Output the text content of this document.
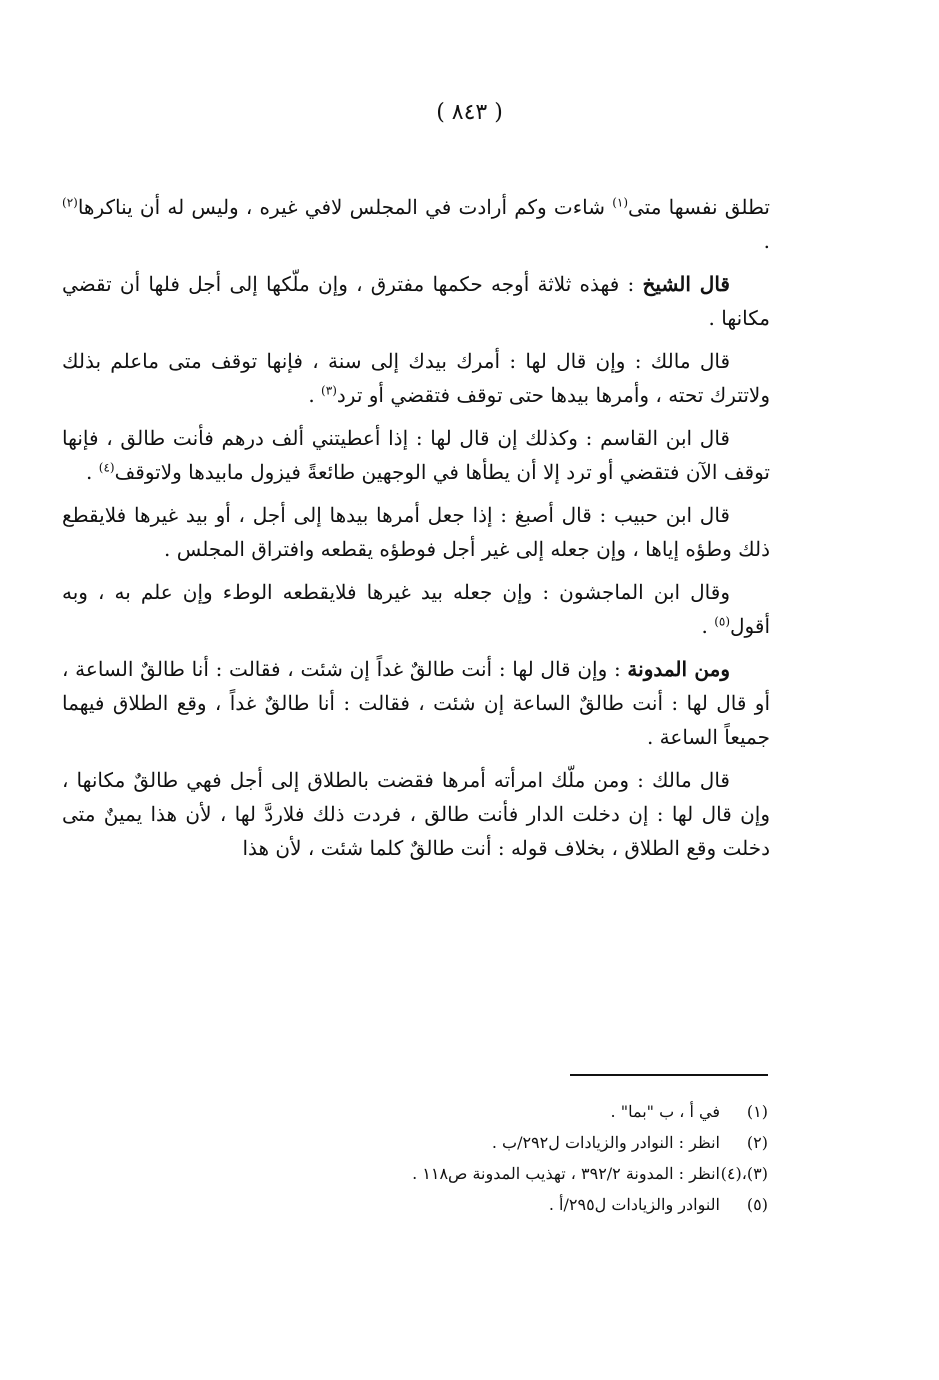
( ٨٤٣ )

تطلق نفسها متى$^{(١)}$ شاءت وكم أرادت في المجلس لافي غيره ، وليس له أن يناكرها$^{(٢)}$ .

قال الشيخ : فهذه ثلاثة أوجه حكمها مفترق ، وإن ملّكها إلى أجل فلها أن تقضي مكانها .

قال مالك : وإن قال لها : أمرك بيدك إلى سنة ، فإنها توقف متى ماعلم بذلك ولاتترك تحته ، وأمرها بيدها حتى توقف فتقضي أو ترد$^{(٣)}$ .

قال ابن القاسم : وكذلك إن قال لها : إذا أعطيتني ألف درهم فأنت طالق ، فإنها توقف الآن فتقضي أو ترد إلا أن يطأها في الوجهين طائعةً فيزول مابيدها ولاتوقف$^{(٤)}$ .

قال ابن حبيب : قال أصبغ : إذا جعل أمرها بيدها إلى أجل ، أو بيد غيرها فلايقطع ذلك وطؤه إياها ، وإن جعله إلى غير أجل فوطؤه يقطعه وافتراق المجلس .

وقال ابن الماجشون : وإن جعله بيد غيرها فلايقطعه الوطء وإن علم به ، وبه أقول$^{(٥)}$ .

ومن المدونة : وإن قال لها : أنت طالقٌ غداً إن شئت ، فقالت : أنا طالقٌ الساعة ، أو قال لها : أنت طالقٌ الساعة إن شئت ، فقالت : أنا طالقٌ غداً ، وقع الطلاق فيهما جميعاً الساعة .

قال مالك : ومن ملّك امرأته أمرها فقضت بالطلاق إلى أجل فهي طالقٌ مكانها ، وإن قال لها : إن دخلت الدار فأنت طالق ، فردت ذلك فلاردَّ لها ، لأن هذا يمينٌ متى دخلت وقع الطلاق ، بخلاف قوله : أنت طالقٌ كلما شئت ، لأن هذا

(١)في أ ، ب "بما" .
(٢)انظر : النوادر والزيادات ل٢٩٢/ب .
(٣)،(٤)انظر : المدونة ٣٩٢/٢ ، تهذيب المدونة ص١١٨ .
(٥)النوادر والزيادات ل٢٩٥/أ .
